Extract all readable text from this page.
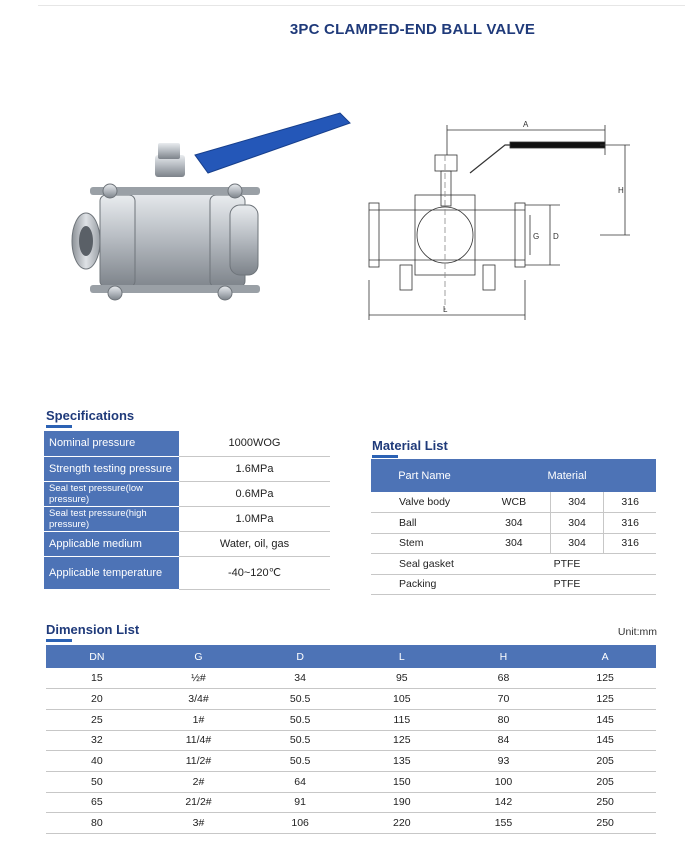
3PC CLAMPED-END BALL VALVE
A
H
L
G D
Specifications
Nominal pressure	1000WOG
Strength testing pressure	1.6MPa
Seal test pressure(low pressure)	0.6MPa
Seal test pressure(high pressure)	1.0MPa
Applicable medium	Water, oil, gas
Applicable temperature	-40~120℃
Material List
Part Name	Material		
Valve body	WCB	304	316
Ball	304	304	316
Stem	304	304	316
Seal gasket	PTFE		
Packing	PTFE		
Dimension List	Unit:mm
DN	G	D	L	H	A
15	½#	34	95	68	125
20	3/4#	50.5	105	70	125
25	1#	50.5	115	80	145
32	11/4#	50.5	125	84	145
40	11/2#	50.5	135	93	205
50	2#	64	150	100	205
65	21/2#	91	190	142	250
80	3#	106	220	155	250
